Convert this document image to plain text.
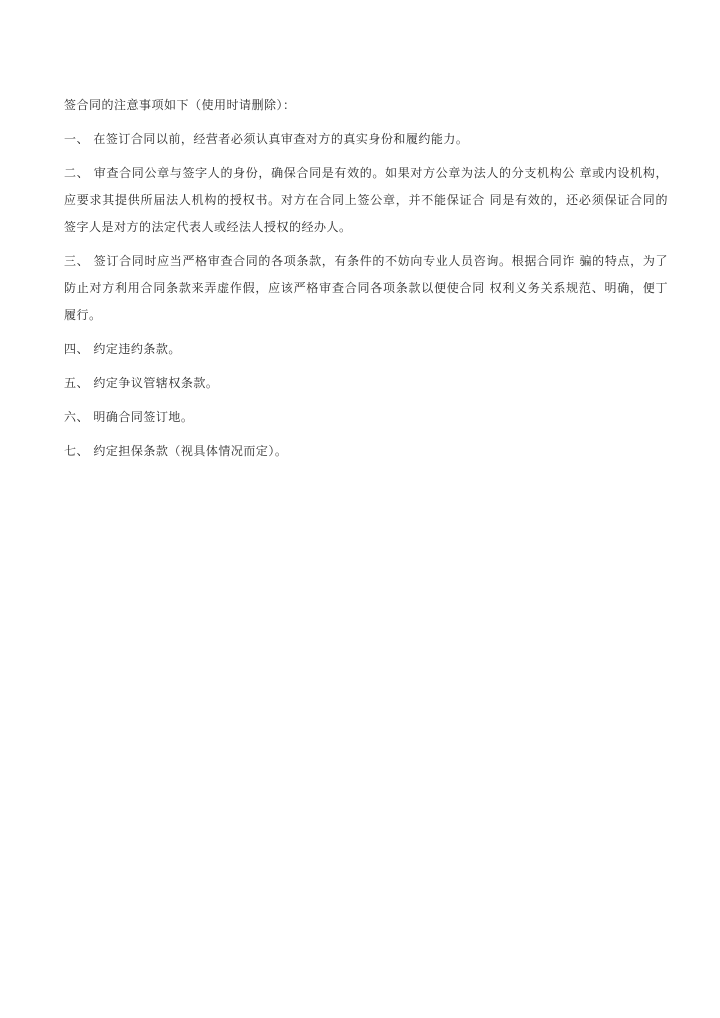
签合同的注意事项如下（使用时请删除）：

一、 在签订合同以前，经营者必须认真审查对方的真实身份和履约能力。

二、 审查合同公章与签字人的身份，确保合同是有效的。如果对方公章为法人的分支机构公 章或内设机构，应要求其提供所届法人机构的授权书。对方在合同上签公章，并不能保证合 同是有效的，还必须保证合同的签字人是对方的法定代表人或经法人授权的经办人。

三、 签订合同时应当严格审查合同的各项条款，有条件的不妨向专业人员咨询。根据合同诈 骗的特点，为了防止对方利用合同条款来弄虚作假，应该严格审查合同各项条款以便使合同 权利义务关系规范、明确，便丁履行。

四、 约定违约条款。

五、 约定争议管辖权条款。

六、 明确合同签订地。

七、 约定担保条款（视具体情况而定）。
